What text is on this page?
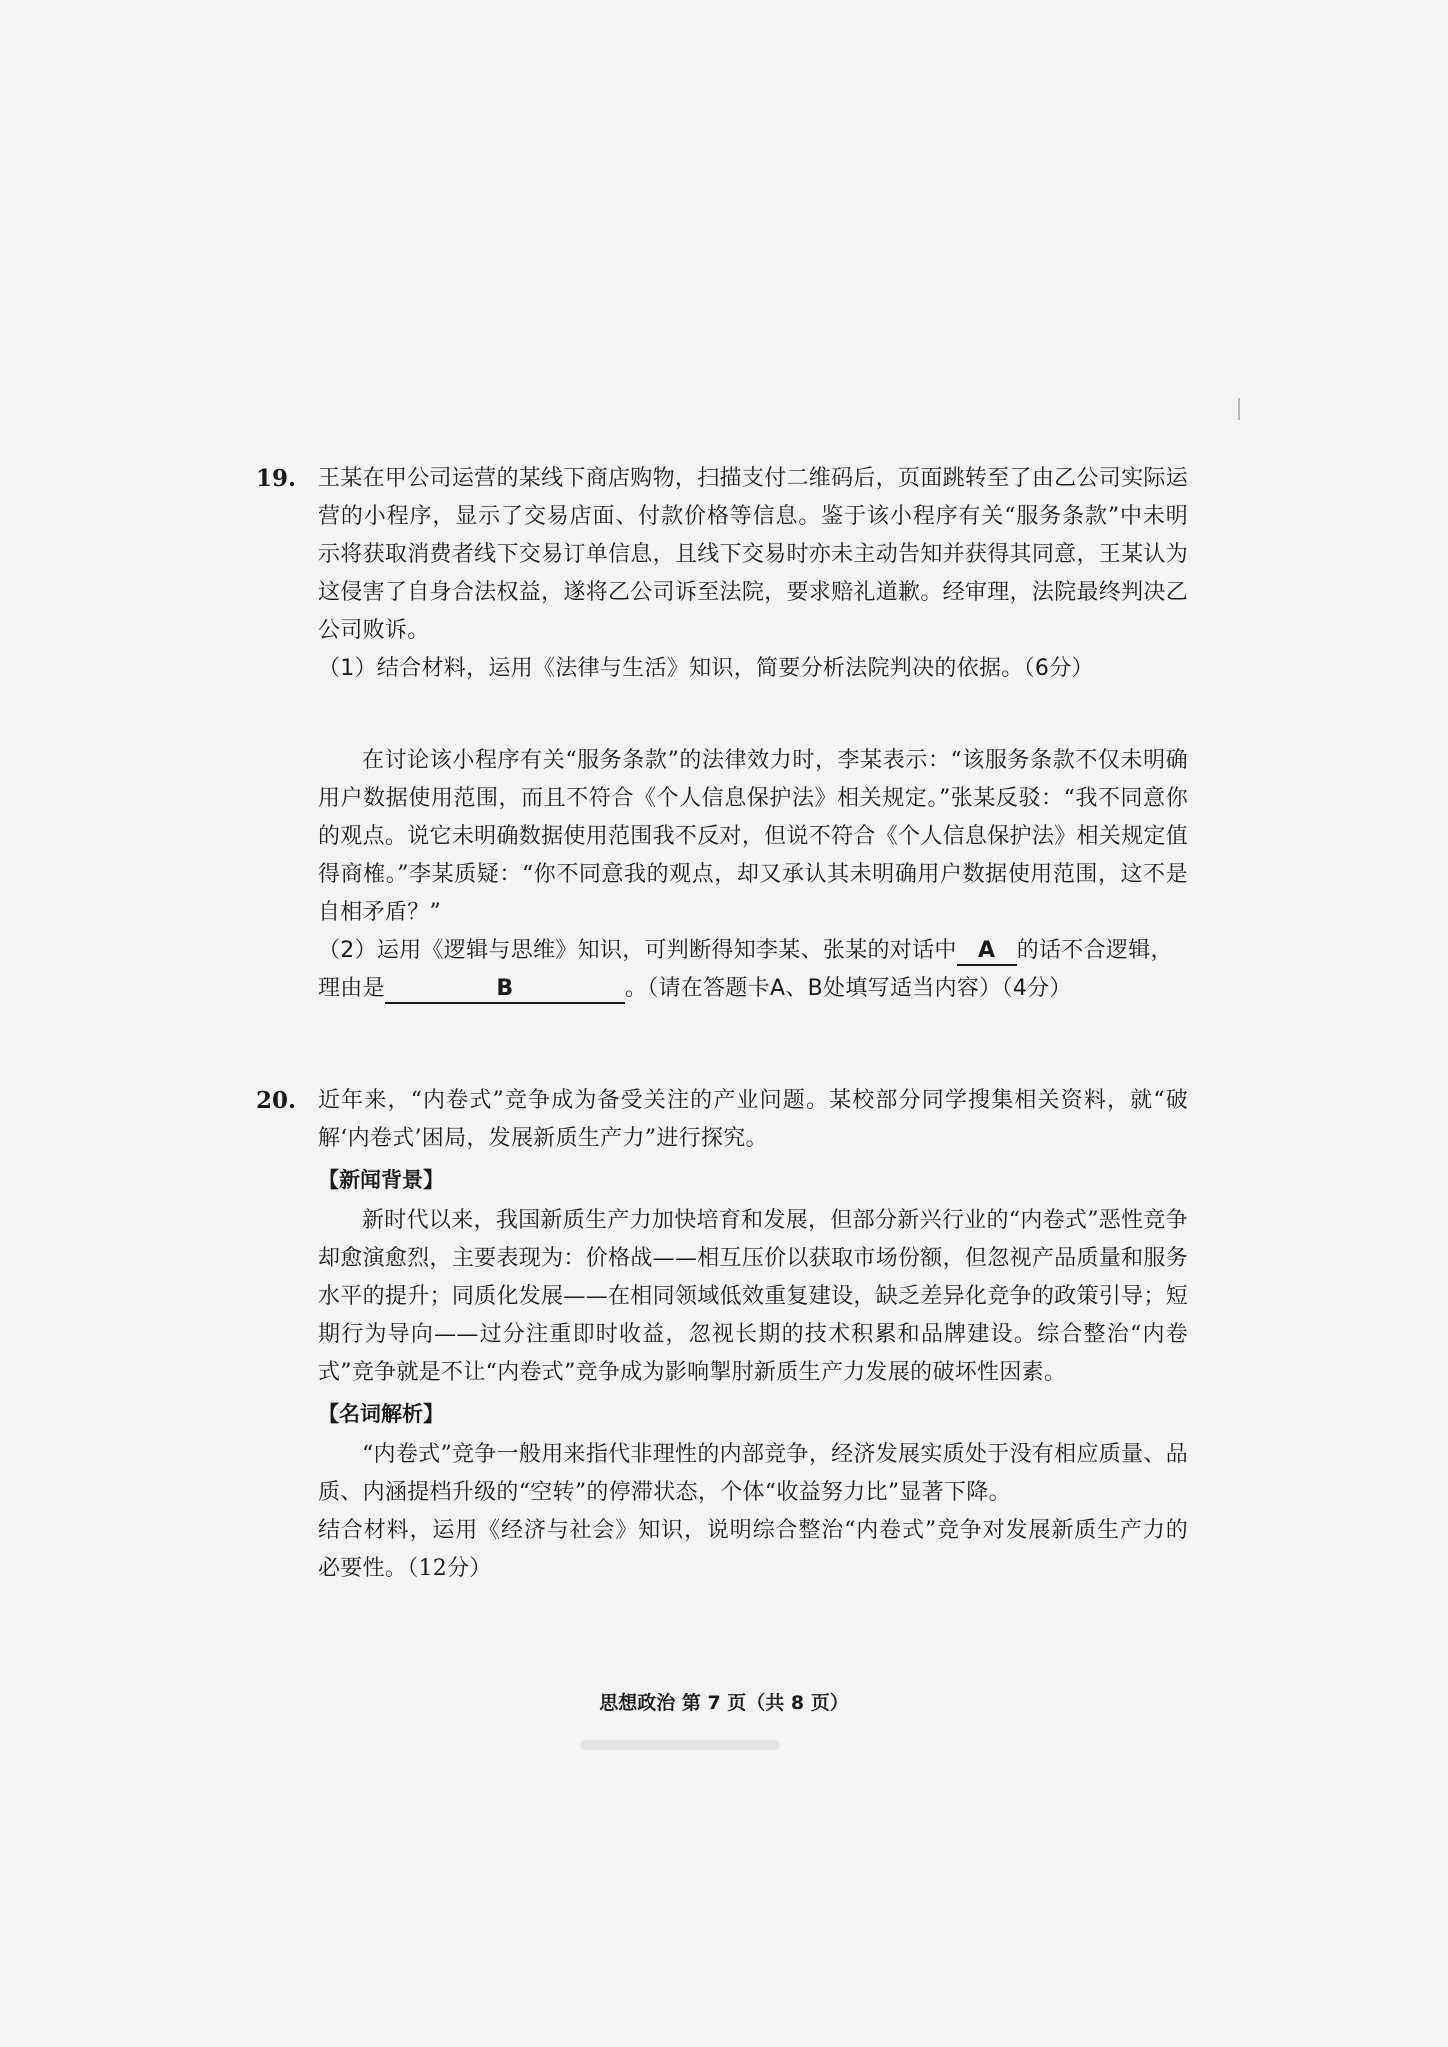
19. 王某在甲公司运营的某线下商店购物，扫描支付二维码后，页面跳转至了由乙公司实际运营的小程序，显示了交易店面、付款价格等信息。鉴于该小程序有关“服务条款”中未明示将获取消费者线下交易订单信息，且线下交易时亦未主动告知并获得其同意，王某认为这侵害了自身合法权益，遂将乙公司诉至法院，要求赔礼道歉。经审理，法院最终判决乙公司败诉。

（1）结合材料，运用《法律与生活》知识，简要分析法院判决的依据。（6分）

在讨论该小程序有关“服务条款”的法律效力时，李某表示：“该服务条款不仅未明确用户数据使用范围，而且不符合《个人信息保护法》相关规定。”张某反驳：“我不同意你的观点。说它未明确数据使用范围我不反对，但说不符合《个人信息保护法》相关规定值得商榷。”李某质疑：“你不同意我的观点，却又承认其未明确用户数据使用范围，这不是自相矛盾？”

（2）运用《逻辑与思维》知识，可判断得知李某、张某的对话中 A 的话不合逻辑，
理由是	B	。（请在答题卡A、B处填写适当内容）（4分）

20. 近年来，“内卷式”竞争成为备受关注的产业问题。某校部分同学搜集相关资料，就“破解‘内卷式’困局，发展新质生产力”进行探究。

【新闻背景】

新时代以来，我国新质生产力加快培育和发展，但部分新兴行业的“内卷式”恶性竞争却愈演愈烈，主要表现为：价格战——相互压价以获取市场份额，但忽视产品质量和服务水平的提升；同质化发展——在相同领域低效重复建设，缺乏差异化竞争的政策引导；短期行为导向——过分注重即时收益，忽视长期的技术积累和品牌建设。综合整治“内卷式”竞争就是不让“内卷式”竞争成为影响掣肘新质生产力发展的破坏性因素。

【名词解析】

“内卷式”竞争一般用来指代非理性的内部竞争，经济发展实质处于没有相应质量、品质、内涵提档升级的“空转”的停滞状态，个体“收益努力比”显著下降。

结合材料，运用《经济与社会》知识，说明综合整治“内卷式”竞争对发展新质生产力的必要性。（12分）

思想政治 第 7 页（共 8 页）
